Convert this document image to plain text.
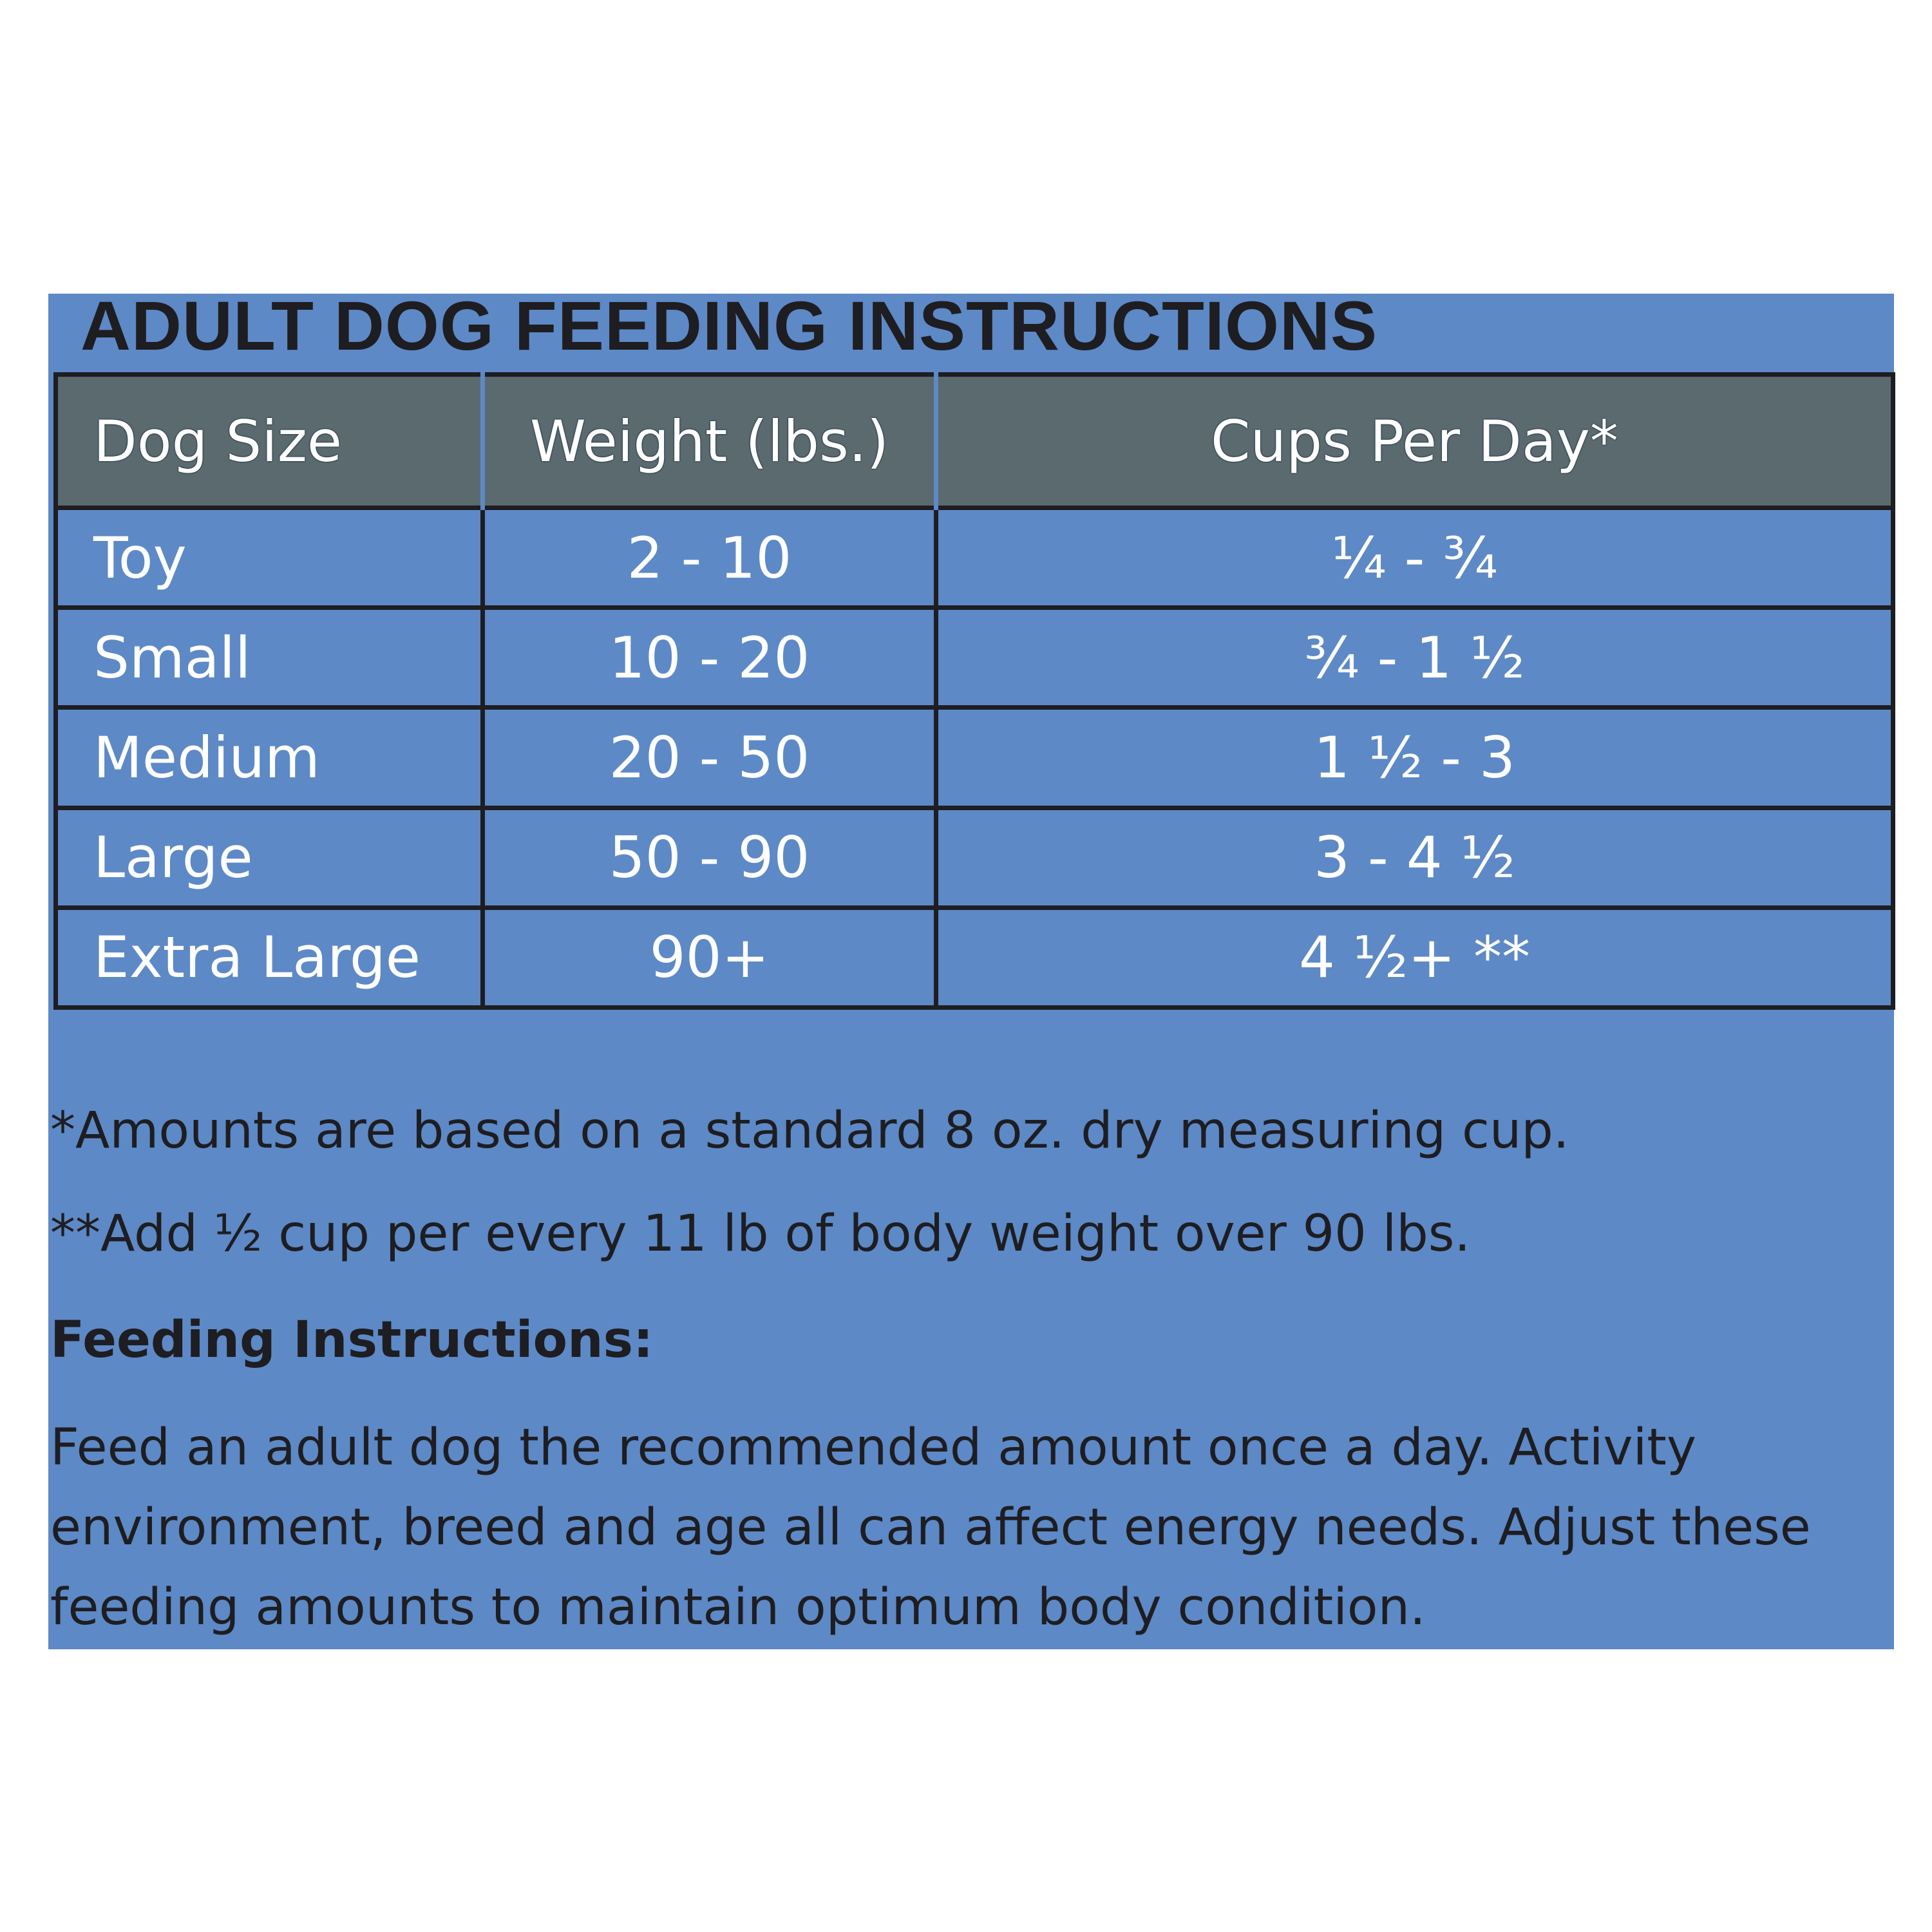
ADULT DOG FEEDING INSTRUCTIONS
Dog Size	Weight (lbs.)	Cups Per Day*
Toy	2 - 10	¼ - ¾
Small	10 - 20	¾ - 1 ½
Medium	20 - 50	1 ½ - 3
Large	50 - 90	3 - 4 ½
Extra Large	90+	4 ½+ **

*Amounts are based on a standard 8 oz. dry measuring cup.

**Add ½ cup per every 11 lb of body weight over 90 lbs.

Feeding Instructions:

Feed an adult dog the recommended amount once a day. Activity
environment, breed and age all can affect energy needs. Adjust these
feeding amounts to maintain optimum body condition.
